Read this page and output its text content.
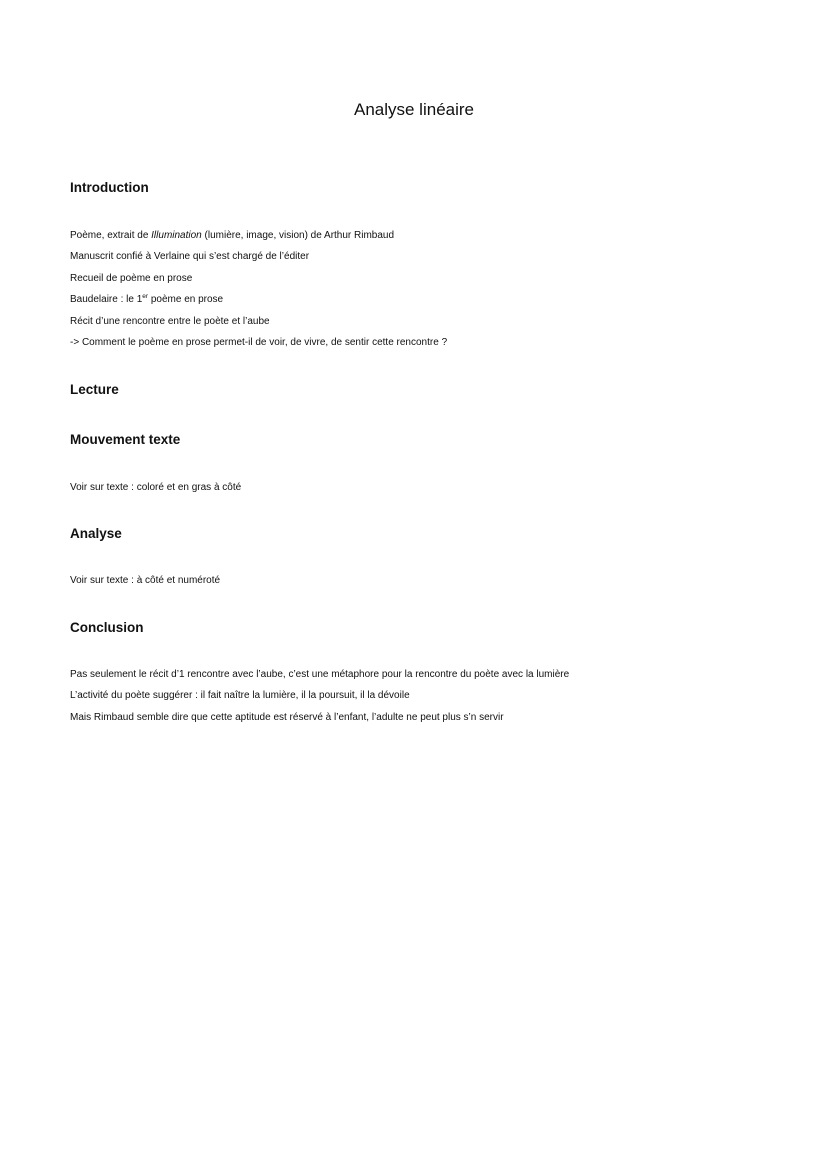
Analyse linéaire
Introduction

Poème, extrait de Illumination (lumière, image, vision) de Arthur Rimbaud

Manuscrit confié à Verlaine qui s’est chargé de l’éditer

Recueil de poème en prose

Baudelaire : le 1er poème en prose

Récit d’une rencontre entre le poète et l’aube

-> Comment le poème en prose permet-il de voir, de vivre, de sentir cette rencontre ?

Lecture
Mouvement texte

Voir sur texte : coloré et en gras à côté

Analyse

Voir sur texte : à côté et numéroté

Conclusion

Pas seulement le récit d’1 rencontre avec l’aube, c’est une métaphore pour la rencontre du poète avec la lumière

L’activité du poète suggérer : il fait naître la lumière, il la poursuit, il la dévoile

Mais Rimbaud semble dire que cette aptitude est réservé à l’enfant, l’adulte ne peut plus s’n servir
